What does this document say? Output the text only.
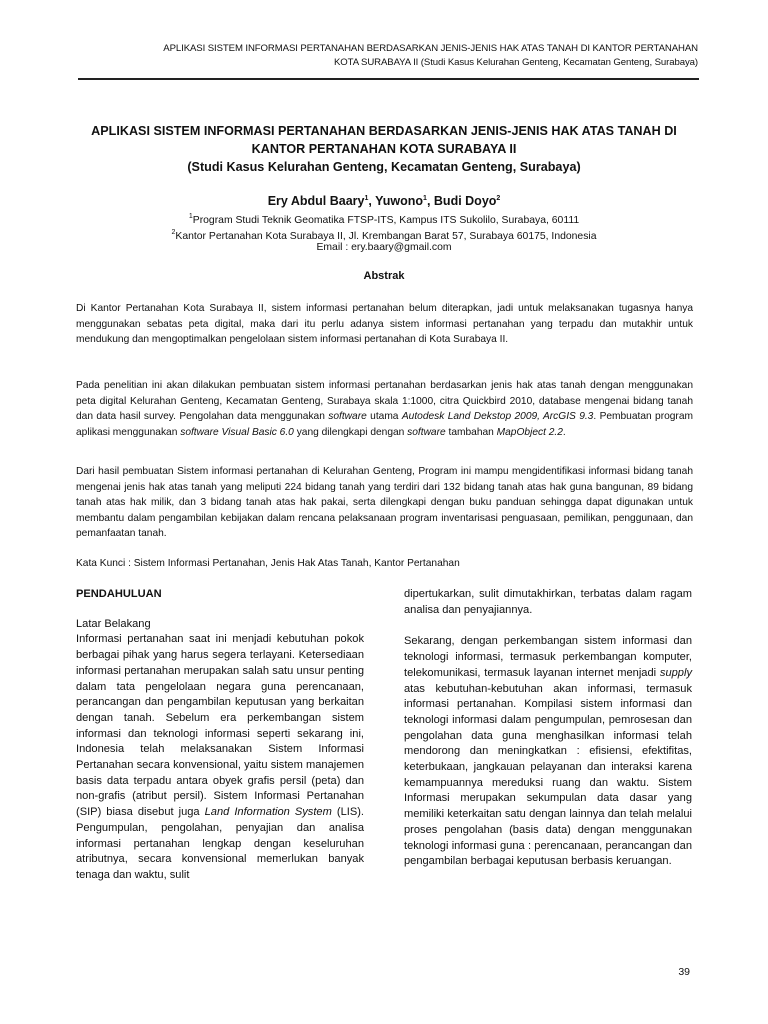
APLIKASI SISTEM INFORMASI PERTANAHAN BERDASARKAN JENIS-JENIS HAK ATAS TANAH DI KANTOR PERTANAHAN
KOTA SURABAYA II (Studi Kasus Kelurahan Genteng, Kecamatan Genteng, Surabaya)
APLIKASI SISTEM INFORMASI PERTANAHAN BERDASARKAN JENIS-JENIS HAK ATAS TANAH DI
KANTOR PERTANAHAN KOTA SURABAYA II
(Studi Kasus Kelurahan Genteng, Kecamatan Genteng, Surabaya)
Ery Abdul Baary$^1$, Yuwono$^1$, Budi Doyo$^2$
$^1$Program Studi Teknik Geomatika FTSP-ITS, Kampus ITS Sukolilo, Surabaya, 60111
$^2$Kantor Pertanahan Kota Surabaya II, Jl. Krembangan Barat 57, Surabaya 60175, Indonesia
Email : ery.baary@gmail.com
Abstrak
Di Kantor Pertanahan Kota Surabaya II, sistem informasi pertanahan belum diterapkan, jadi untuk melaksanakan tugasnya hanya menggunakan sebatas peta digital, maka dari itu perlu adanya sistem informasi pertanahan yang terpadu dan mutakhir untuk mendukung dan mengoptimalkan pengelolaan sistem informasi pertanahan di Kota Surabaya II.
Pada penelitian ini akan dilakukan pembuatan sistem informasi pertanahan berdasarkan jenis hak atas tanah dengan menggunakan peta digital Kelurahan Genteng, Kecamatan Genteng, Surabaya skala 1:1000, citra Quickbird 2010, database mengenai bidang tanah dan data hasil survey. Pengolahan data menggunakan software utama Autodesk Land Dekstop 2009, ArcGIS 9.3. Pembuatan program aplikasi menggunakan software Visual Basic 6.0 yang dilengkapi dengan software tambahan MapObject 2.2.
Dari hasil pembuatan Sistem informasi pertanahan di Kelurahan Genteng, Program ini mampu mengidentifikasi informasi bidang tanah mengenai jenis hak atas tanah yang meliputi 224 bidang tanah yang terdiri dari 132 bidang tanah atas hak guna bangunan, 89 bidang tanah atas hak milik, dan 3 bidang tanah atas hak pakai, serta dilengkapi dengan buku panduan sehingga dapat digunakan untuk membantu dalam pengambilan kebijakan dalam rencana pelaksanaan program inventarisasi penguasaan, pemilikan, penggunaan, dan pemanfaatan tanah.
Kata Kunci : Sistem Informasi Pertanahan, Jenis Hak Atas Tanah, Kantor Pertanahan
PENDAHULUAN
Latar Belakang
Informasi pertanahan saat ini menjadi kebutuhan pokok berbagai pihak yang harus segera terlayani. Ketersediaan informasi pertanahan merupakan salah satu unsur penting dalam tata pengelolaan negara guna perencanaan, perancangan dan pengambilan keputusan yang berkaitan dengan tanah. Sebelum era perkembangan sistem informasi dan teknologi informasi seperti sekarang ini, Indonesia telah melaksanakan Sistem Informasi Pertanahan secara konvensional, yaitu sistem manajemen basis data terpadu antara obyek grafis persil (peta) dan non-grafis (atribut persil). Sistem Informasi Pertanahan (SIP) biasa disebut juga Land Information System (LIS). Pengumpulan, pengolahan, penyajian dan analisa informasi pertanahan lengkap dengan keseluruhan atributnya, secara konvensional memerlukan banyak tenaga dan waktu, sulit
dipertukarkan, sulit dimutakhirkan, terbatas dalam ragam analisa dan penyajiannya.
Sekarang, dengan perkembangan sistem informasi dan teknologi informasi, termasuk perkembangan komputer, telekomunikasi, termasuk layanan internet menjadi supply atas kebutuhan-kebutuhan akan informasi, termasuk informasi pertanahan. Kompilasi sistem informasi dan teknologi informasi dalam pengumpulan, pemrosesan dan pengolahan data guna menghasilkan informasi telah mendorong dan meningkatkan : efisiensi, efektifitas, keterbukaan, jangkauan pelayanan dan interaksi karena kemampuannya mereduksi ruang dan waktu. Sistem Informasi merupakan sekumpulan data dasar yang memiliki keterkaitan satu dengan lainnya dan telah melalui proses pengolahan (basis data) dengan menggunakan teknologi informasi guna : perencanaan, perancangan dan pengambilan berbagai keputusan berbasis keruangan.
39
